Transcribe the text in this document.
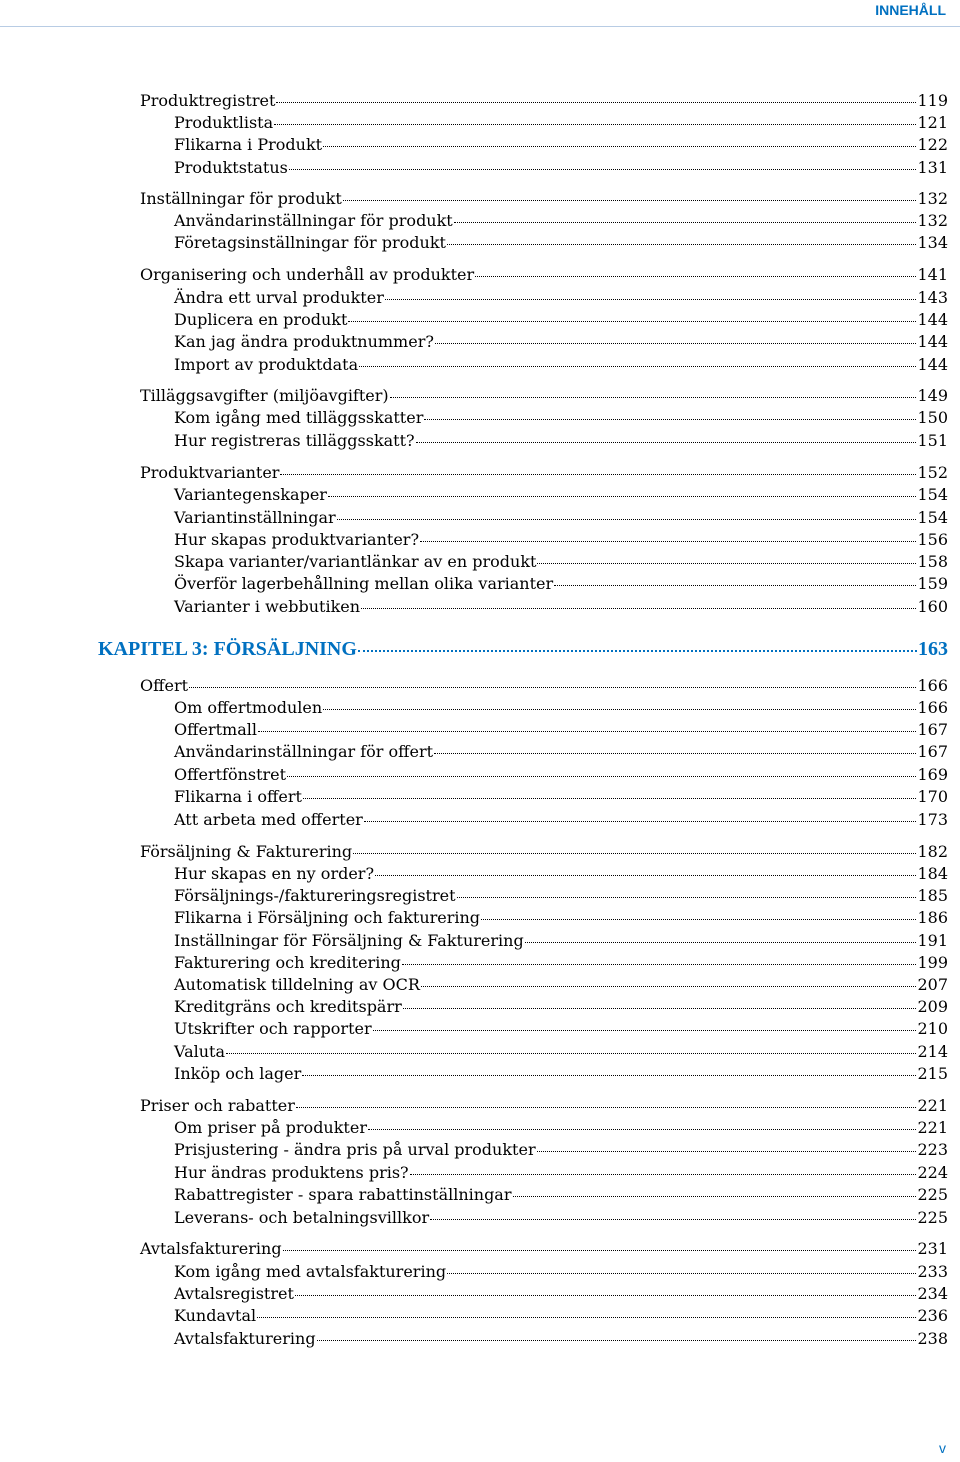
INNEHÅLL
Produktregistret	119
Produktlista	121
Flikarna i Produkt	122
Produktstatus	131
Inställningar för produkt	132
Användarinställningar för produkt	132
Företagsinställningar för produkt	134
Organisering och underhåll av produkter	141
Ändra ett urval produkter	143
Duplicera en produkt	144
Kan jag ändra produktnummer?	144
Import av produktdata	144
Tilläggsavgifter (miljöavgifter)	149
Kom igång med tilläggsskatter	150
Hur registreras tilläggsskatt?	151
Produktvarianter	152
Variantegenskaper	154
Variantinställningar	154
Hur skapas produktvarianter?	156
Skapa varianter/variantlänkar av en produkt	158
Överför lagerbehållning mellan olika varianter	159
Varianter i webbutiken	160
KAPITEL 3: FÖRSÄLJNING	163
Offert	166
Om offertmodulen	166
Offertmall	167
Användarinställningar för offert	167
Offertfönstret	169
Flikarna i offert	170
Att arbeta med offerter	173
Försäljning & Fakturering	182
Hur skapas en ny order?	184
Försäljnings-/faktureringsregistret	185
Flikarna i Försäljning och fakturering	186
Inställningar för Försäljning & Fakturering	191
Fakturering och kreditering	199
Automatisk tilldelning av OCR	207
Kreditgräns och kreditspärr	209
Utskrifter och rapporter	210
Valuta	214
Inköp och lager	215
Priser och rabatter	221
Om priser på produkter	221
Prisjustering - ändra pris på urval produkter	223
Hur ändras produktens pris?	224
Rabattregister - spara rabattinställningar	225
Leverans- och betalningsvillkor	225
Avtalsfakturering	231
Kom igång med avtalsfakturering	233
Avtalsregistret	234
Kundavtal	236
Avtalsfakturering	238
v
